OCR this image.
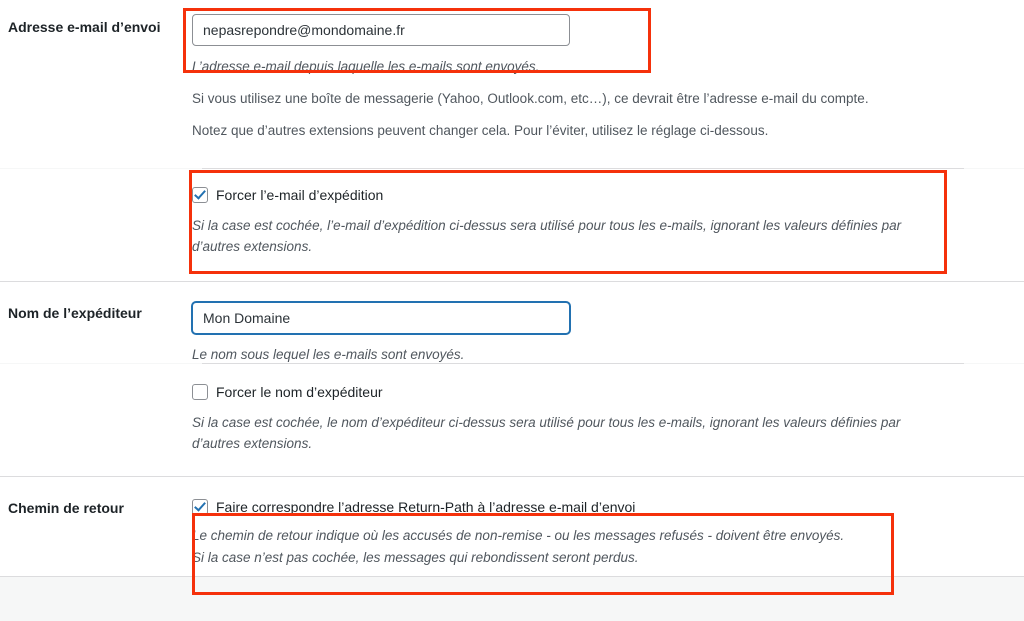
Adresse e-mail d’envoi
nepasrepondre@mondomaine.fr

L’adresse e-mail depuis laquelle les e-mails sont envoyés.

Si vous utilisez une boîte de messagerie (Yahoo, Outlook.com, etc…), ce devrait être l’adresse e-mail du compte.

Notez que d’autres extensions peuvent changer cela. Pour l’éviter, utilisez le réglage ci-dessous.

Forcer l’e-mail d’expédition

Si la case est cochée, l’e-mail d’expédition ci-dessus sera utilisé pour tous les e-mails, ignorant les valeurs définies par d’autres extensions.

Nom de l’expéditeur
Mon Domaine

Le nom sous lequel les e-mails sont envoyés.

Forcer le nom d’expéditeur

Si la case est cochée, le nom d’expéditeur ci-dessus sera utilisé pour tous les e-mails, ignorant les valeurs définies par d’autres extensions.

Chemin de retour	Faire correspondre l’adresse Return-Path à l’adresse e-mail d’envoi

Le chemin de retour indique où les accusés de non-remise - ou les messages refusés - doivent être envoyés.

Si la case n’est pas cochée, les messages qui rebondissent seront perdus.
